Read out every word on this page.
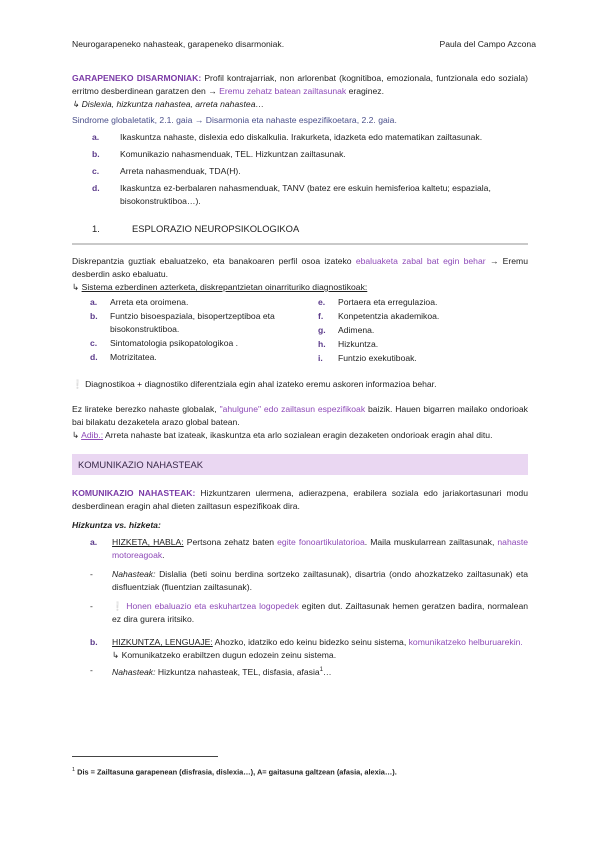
Neurogarapeneko nahasteak, garapeneko disarmoniak.	Paula del Campo Azcona

GARAPENEKO DISARMONIAK: Profil kontrajarriak, non arlorenbat (kognitiboa, emozionala, funtzionala edo soziala) erritmo desberdinean garatzen den → Eremu zehatz batean zailtasunak eraginez.

↳ Dislexia, hizkuntza nahastea, arreta nahastea…

Sindrome globaletatik, 2.1. gaia → Disarmonia eta nahaste espezifikoetara, 2.2. gaia.

a. Ikaskuntza nahaste, dislexia edo diskalkulia. Irakurketa, idazketa edo matematikan zailtasunak.
b. Komunikazio nahasmenduak, TEL. Hizkuntzan zailtasunak.
c. Arreta nahasmenduak, TDA(H).
d. Ikaskuntza ez-berbalaren nahasmenduak, TANV (batez ere eskuin hemisferioa kaltetu; espaziala, bisokonstruktiboa…).
1.	ESPLORAZIO NEUROPSIKOLOGIKOA

Diskrepantzia guztiak ebaluatzeko, eta banakoaren perfil osoa izateko ebaluaketa zabal bat egin behar → Eremu desberdin asko ebaluatu.

↳ Sistema ezberdinen azterketa, diskrepantzietan oinarrituriko diagnostikoak:

a. Arreta eta oroimena.
b. Funtzio bisoespaziala, bisopertzeptiboa eta bisokonstruktiboa.
c. Sintomatologia psikopatologikoa .
d. Motrizitatea.
e. Portaera eta erregulazioa.
f. Konpetentzia akademikoa.
g. Adimena.
h. Hizkuntza.
i. Funtzio exekutiboak.

❕ Diagnostikoa + diagnostiko diferentziala egin ahal izateko eremu askoren informazioa behar.

Ez lirateke berezko nahaste globalak, "ahulgune" edo zailtasun espezifikoak baizik. Hauen bigarren mailako ondorioak bai bilakatu dezaketela arazo global batean.

↳ Adib.: Arreta nahaste bat izateak, ikaskuntza eta arlo sozialean eragin dezaketen ondorioak eragin ahal ditu.

KOMUNIKAZIO NAHASTEAK

KOMUNIKAZIO NAHASTEAK: Hizkuntzaren ulermena, adierazpena, erabilera soziala edo jariakortasunari modu desberdinean eragin ahal dieten zailtasun espezifikoak dira.

Hizkuntza vs. hizketa:

a. HIZKETA, HABLA: Pertsona zehatz baten egite fonoartikulatorioa. Maila muskularrean zailtasunak, nahaste motoreagoak.

- Nahasteak: Dislalia (beti soinu berdina sortzeko zailtasunak), disartria (ondo ahozkatzeko zailtasunak) eta disfluentziak (fluentzian zailtasunak).

- ❕ Honen ebaluazio eta eskuhartzea logopedek egiten dut. Zailtasunak hemen geratzen badira, normalean ez dira gurera iritsiko.

b. HIZKUNTZA, LENGUAJE: Ahozko, idatziko edo keinu bidezko seinu sistema, komunikatzeko helburuarekin.

↳ Komunikatzeko erabiltzen dugun edozein zeinu sistema.

- Nahasteak: Hizkuntza nahasteak, TEL, disfasia, afasia$^1$…

$^1$ Dis = Zailtasuna garapenean (disfrasia, dislexia…), A= gaitasuna galtzean (afasia, alexia…).
